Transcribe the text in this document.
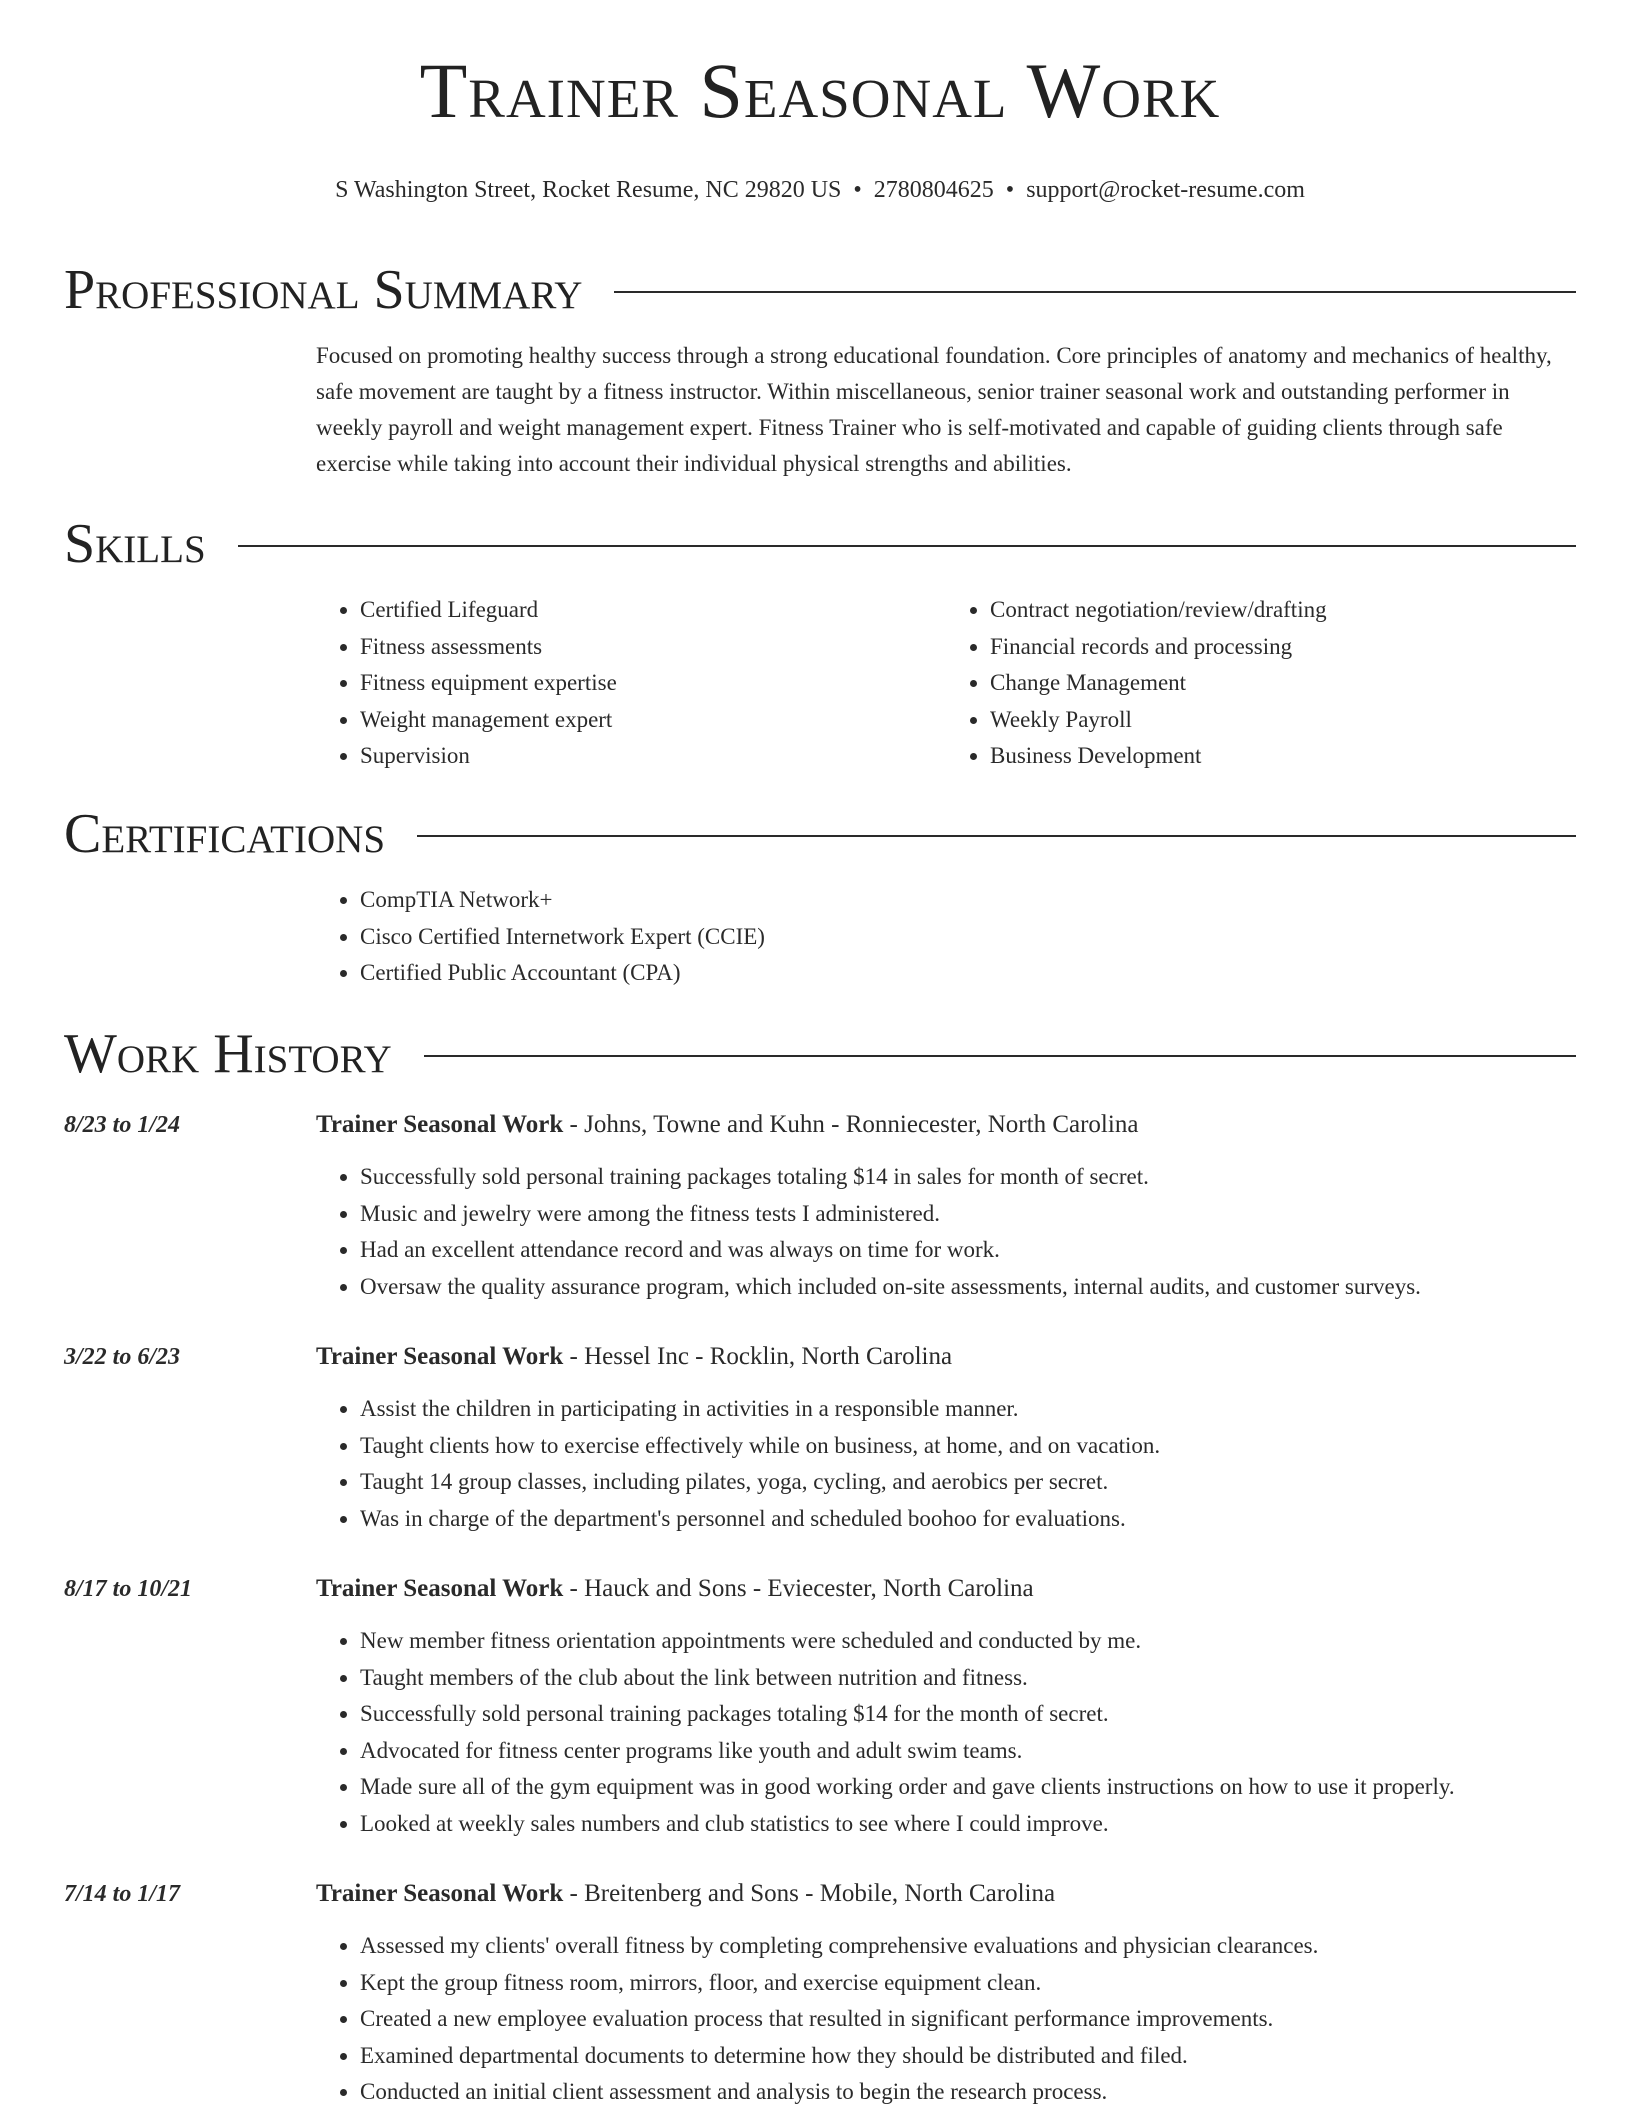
Trainer Seasonal Work
S Washington Street, Rocket Resume, NC 29820 US • 2780804625 • support@rocket-resume.com
Professional Summary

Focused on promoting healthy success through a strong educational foundation. Core principles of anatomy and mechanics of healthy, safe movement are taught by a fitness instructor. Within miscellaneous, senior trainer seasonal work and outstanding performer in weekly payroll and weight management expert. Fitness Trainer who is self-motivated and capable of guiding clients through safe exercise while taking into account their individual physical strengths and abilities.

Skills
• Certified Lifeguard
• Fitness assessments
• Fitness equipment expertise
• Weight management expert
• Supervision
• Contract negotiation/review/drafting
• Financial records and processing
• Change Management
• Weekly Payroll
• Business Development
Certifications
• CompTIA Network+
• Cisco Certified Internetwork Expert (CCIE)
• Certified Public Accountant (CPA)
Work History
8/23 to 1/24	Trainer Seasonal Work - Johns, Towne and Kuhn - Ronniecester, North Carolina
• Successfully sold personal training packages totaling $14 in sales for month of secret.
• Music and jewelry were among the fitness tests I administered.
• Had an excellent attendance record and was always on time for work.
• Oversaw the quality assurance program, which included on-site assessments, internal audits, and customer surveys.
3/22 to 6/23	Trainer Seasonal Work - Hessel Inc - Rocklin, North Carolina
• Assist the children in participating in activities in a responsible manner.
• Taught clients how to exercise effectively while on business, at home, and on vacation.
• Taught 14 group classes, including pilates, yoga, cycling, and aerobics per secret.
• Was in charge of the department's personnel and scheduled boohoo for evaluations.
8/17 to 10/21	Trainer Seasonal Work - Hauck and Sons - Eviecester, North Carolina
• New member fitness orientation appointments were scheduled and conducted by me.
• Taught members of the club about the link between nutrition and fitness.
• Successfully sold personal training packages totaling $14 for the month of secret.
• Advocated for fitness center programs like youth and adult swim teams.
• Made sure all of the gym equipment was in good working order and gave clients instructions on how to use it properly.
• Looked at weekly sales numbers and club statistics to see where I could improve.
7/14 to 1/17	Trainer Seasonal Work - Breitenberg and Sons - Mobile, North Carolina
• Assessed my clients' overall fitness by completing comprehensive evaluations and physician clearances.
• Kept the group fitness room, mirrors, floor, and exercise equipment clean.
• Created a new employee evaluation process that resulted in significant performance improvements.
• Examined departmental documents to determine how they should be distributed and filed.
• Conducted an initial client assessment and analysis to begin the research process.
